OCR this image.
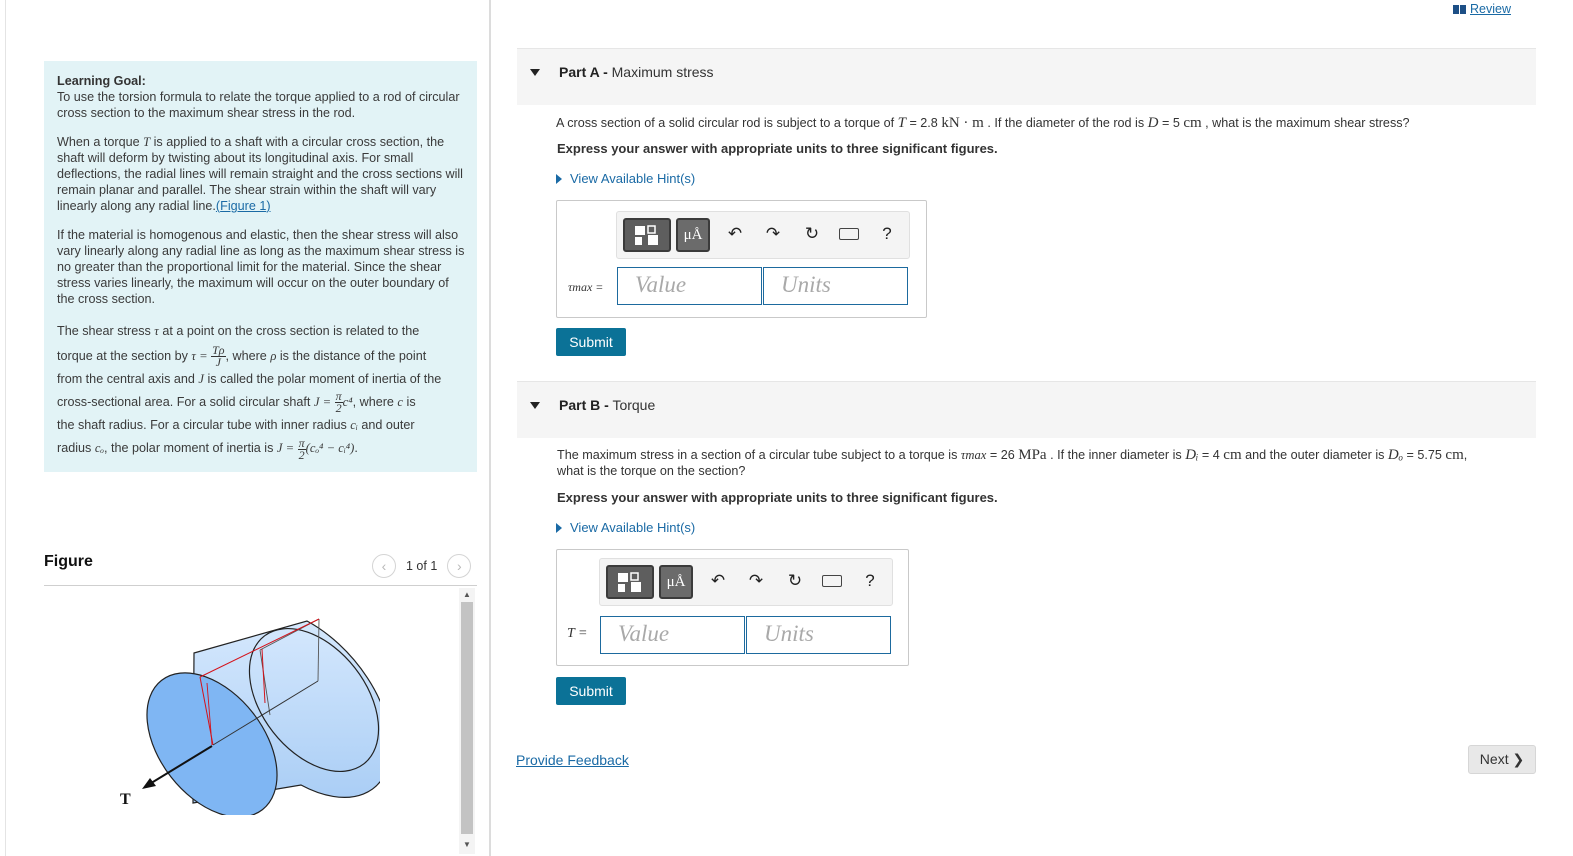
Learning Goal:
To use the torsion formula to relate the torque applied to a rod of circular cross section to the maximum shear stress in the rod.

When a torque T is applied to a shaft with a circular cross section, the shaft will deform by twisting about its longitudinal axis. For small deflections, the radial lines will remain straight and the cross sections will remain planar and parallel. The shear strain within the shaft will vary linearly along any radial line.(Figure 1)

If the material is homogenous and elastic, then the shear stress will also vary linearly along any radial line as long as the maximum shear stress is no greater than the proportional limit for the material. Since the shear stress varies linearly, the maximum will occur on the outer boundary of the cross section.

The shear stress τ at a point on the cross section is related to the
torque at the section by $\tau = \frac{T\rho}{J}$ , where ρ is the distance of the point
from the central axis and J is called the polar moment of inertia of the
cross-sectional area. For a solid circular shaft $J = \frac{\pi}{2} c^4$, where c is
the shaft radius. For a circular tube with inner radius cᵢ and outer
radius cₒ, the polar moment of inertia is $J = \frac{\pi}{2} (c_o^4$ − cᵢ⁴).
Figure	‹ 1 of 1 ›
T
▲
▼
Review
Part A - Maximum stress
A cross section of a solid circular rod is subject to a torque of T = 2.8 kN · m . If the diameter of the rod is D = 5 cm , what is the maximum shear stress?
Express your answer with appropriate units to three significant figures.
View Available Hint(s)
μÅ	↶ ↷ ↻	?
τmax =	Value	Units
Submit
Part B - Torque
The maximum stress in a section of a circular tube subject to a torque is τmax = 26 MPa . If the inner diameter is Dᵢ = 4 cm and the outer diameter is Dₒ = 5.75 cm,
what is the torque on the section?
Express your answer with appropriate units to three significant figures.
View Available Hint(s)
μÅ	↶ ↷ ↻	?
T =	Value	Units
Submit
Provide Feedback	Next ❯
